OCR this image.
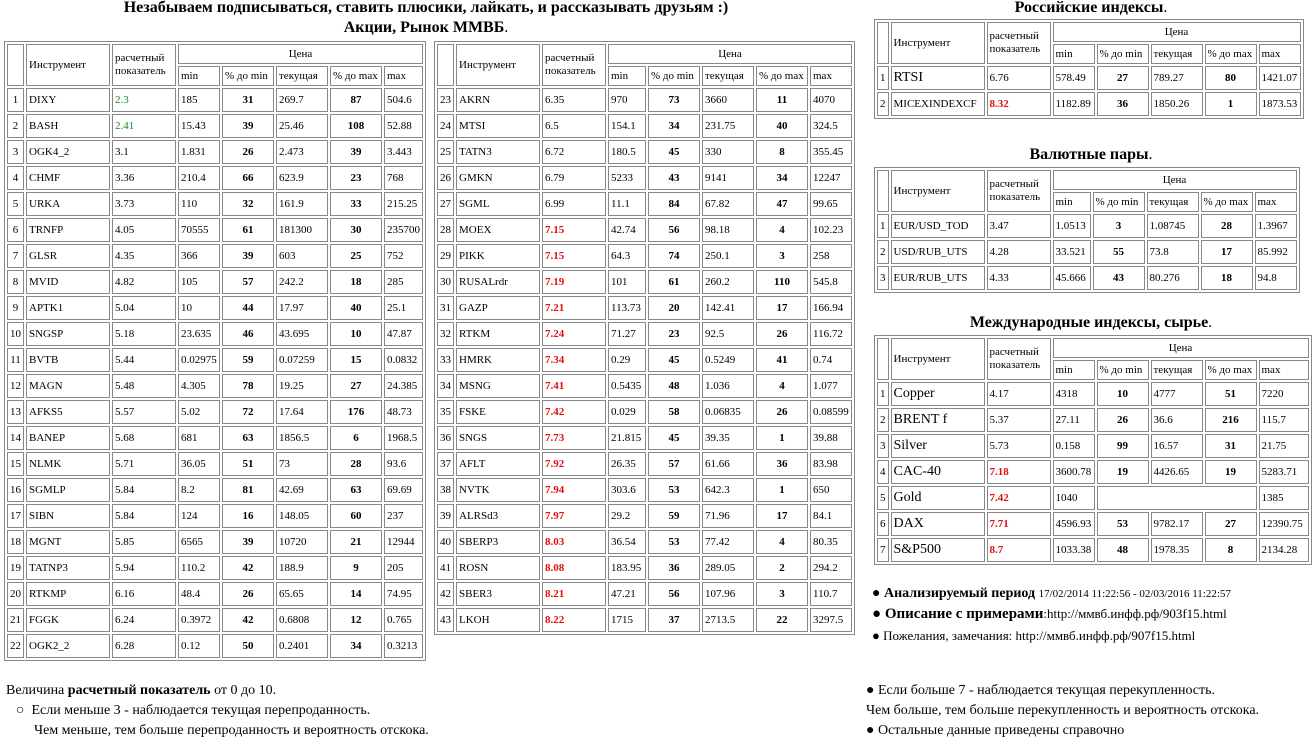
Незабываем подписываться, ставить плюсики, лайкать, и рассказывать друзьям :)
Акции, Рынок ММВБ.
	Инструмент	расчетный показатель	Цена				
			min	% до min	текущая	% до max	max
1	DIXY	2.3	185	31	269.7	87	504.6
2	BASH	2.41	15.43	39	25.46	108	52.88
3	OGK4_2	3.1	1.831	26	2.473	39	3.443
4	CHMF	3.36	210.4	66	623.9	23	768
5	URKA	3.73	110	32	161.9	33	215.25
6	TRNFP	4.05	70555	61	181300	30	235700
7	GLSR	4.35	366	39	603	25	752
8	MVID	4.82	105	57	242.2	18	285
9	APTK1	5.04	10	44	17.97	40	25.1
10	SNGSP	5.18	23.635	46	43.695	10	47.87
11	BVTB	5.44	0.02975	59	0.07259	15	0.0832
12	MAGN	5.48	4.305	78	19.25	27	24.385
13	AFKS5	5.57	5.02	72	17.64	176	48.73
14	BANEP	5.68	681	63	1856.5	6	1968.5
15	NLMK	5.71	36.05	51	73	28	93.6
16	SGMLP	5.84	8.2	81	42.69	63	69.69
17	SIBN	5.84	124	16	148.05	60	237
18	MGNT	5.85	6565	39	10720	21	12944
19	TATNP3	5.94	110.2	42	188.9	9	205
20	RTKMP	6.16	48.4	26	65.65	14	74.95
21	FGGK	6.24	0.3972	42	0.6808	12	0.765
22	OGK2_2	6.28	0.12	50	0.2401	34	0.3213
	Инструмент	расчетный показатель	Цена				
			min	% до min	текущая	% до max	max
23	AKRN	6.35	970	73	3660	11	4070
24	MTSI	6.5	154.1	34	231.75	40	324.5
25	TATN3	6.72	180.5	45	330	8	355.45
26	GMKN	6.79	5233	43	9141	34	12247
27	SGML	6.99	11.1	84	67.82	47	99.65
28	MOEX	7.15	42.74	56	98.18	4	102.23
29	PIKK	7.15	64.3	74	250.1	3	258
30	RUSALrdr	7.19	101	61	260.2	110	545.8
31	GAZP	7.21	113.73	20	142.41	17	166.94
32	RTKM	7.24	71.27	23	92.5	26	116.72
33	HMRK	7.34	0.29	45	0.5249	41	0.74
34	MSNG	7.41	0.5435	48	1.036	4	1.077
35	FSKE	7.42	0.029	58	0.06835	26	0.08599
36	SNGS	7.73	21.815	45	39.35	1	39.88
37	AFLT	7.92	26.35	57	61.66	36	83.98
38	NVTK	7.94	303.6	53	642.3	1	650
39	ALRSd3	7.97	29.2	59	71.96	17	84.1
40	SBERP3	8.03	36.54	53	77.42	4	80.35
41	ROSN	8.08	183.95	36	289.05	2	294.2
42	SBER3	8.21	47.21	56	107.96	3	110.7
43	LKOH	8.22	1715	37	2713.5	22	3297.5
	Инструмент	расчетный показатель	Цена				
			min	% до min	текущая	% до max	max
1	RTSI	6.76	578.49	27	789.27	80	1421.07
2	MICEXINDEXCF	8.32	1182.89	36	1850.26	1	1873.53
	Инструмент	расчетный показатель	Цена				
			min	% до min	текущая	% до max	max
1	EUR/USD_TOD	3.47	1.0513	3	1.08745	28	1.3967
2	USD/RUB_UTS	4.28	33.521	55	73.8	17	85.992
3	EUR/RUB_UTS	4.33	45.666	43	80.276	18	94.8
	Инструмент	расчетный показатель	Цена				
			min	% до min	текущая	% до max	max
1	Copper	4.17	4318	10	4777	51	7220
2	BRENT f	5.37	27.11	26	36.6	216	115.7
3	Silver	5.73	0.158	99	16.57	31	21.75
4	CAC-40	7.18	3600.78	19	4426.65	19	5283.71
5	Gold	7.42	1040				1385
6	DAX	7.71	4596.93	53	9782.17	27	12390.75
7	S&P500	8.7	1033.38	48	1978.35	8	2134.28
Российские индексы.
Валютные пары.
Международные индексы, сырье.
● Анализируемый период 17/02/2014 11:22:56 - 02/03/2016 11:22:57
● Описание с примерами:http://ммвб.инфф.рф/903f15.html
● Пожелания, замечания: http://ммвб.инфф.рф/907f15.html
Величина расчетный показатель от 0 до 10.
○  Если меньше 3 - наблюдается текущая перепроданность.
Чем меньше, тем больше перепроданность и вероятность отскока.
● Если больше 7 - наблюдается текущая перекупленность.
Чем больше, тем больше перекупленность и вероятность отскока.
● Остальные данные приведены справочно
